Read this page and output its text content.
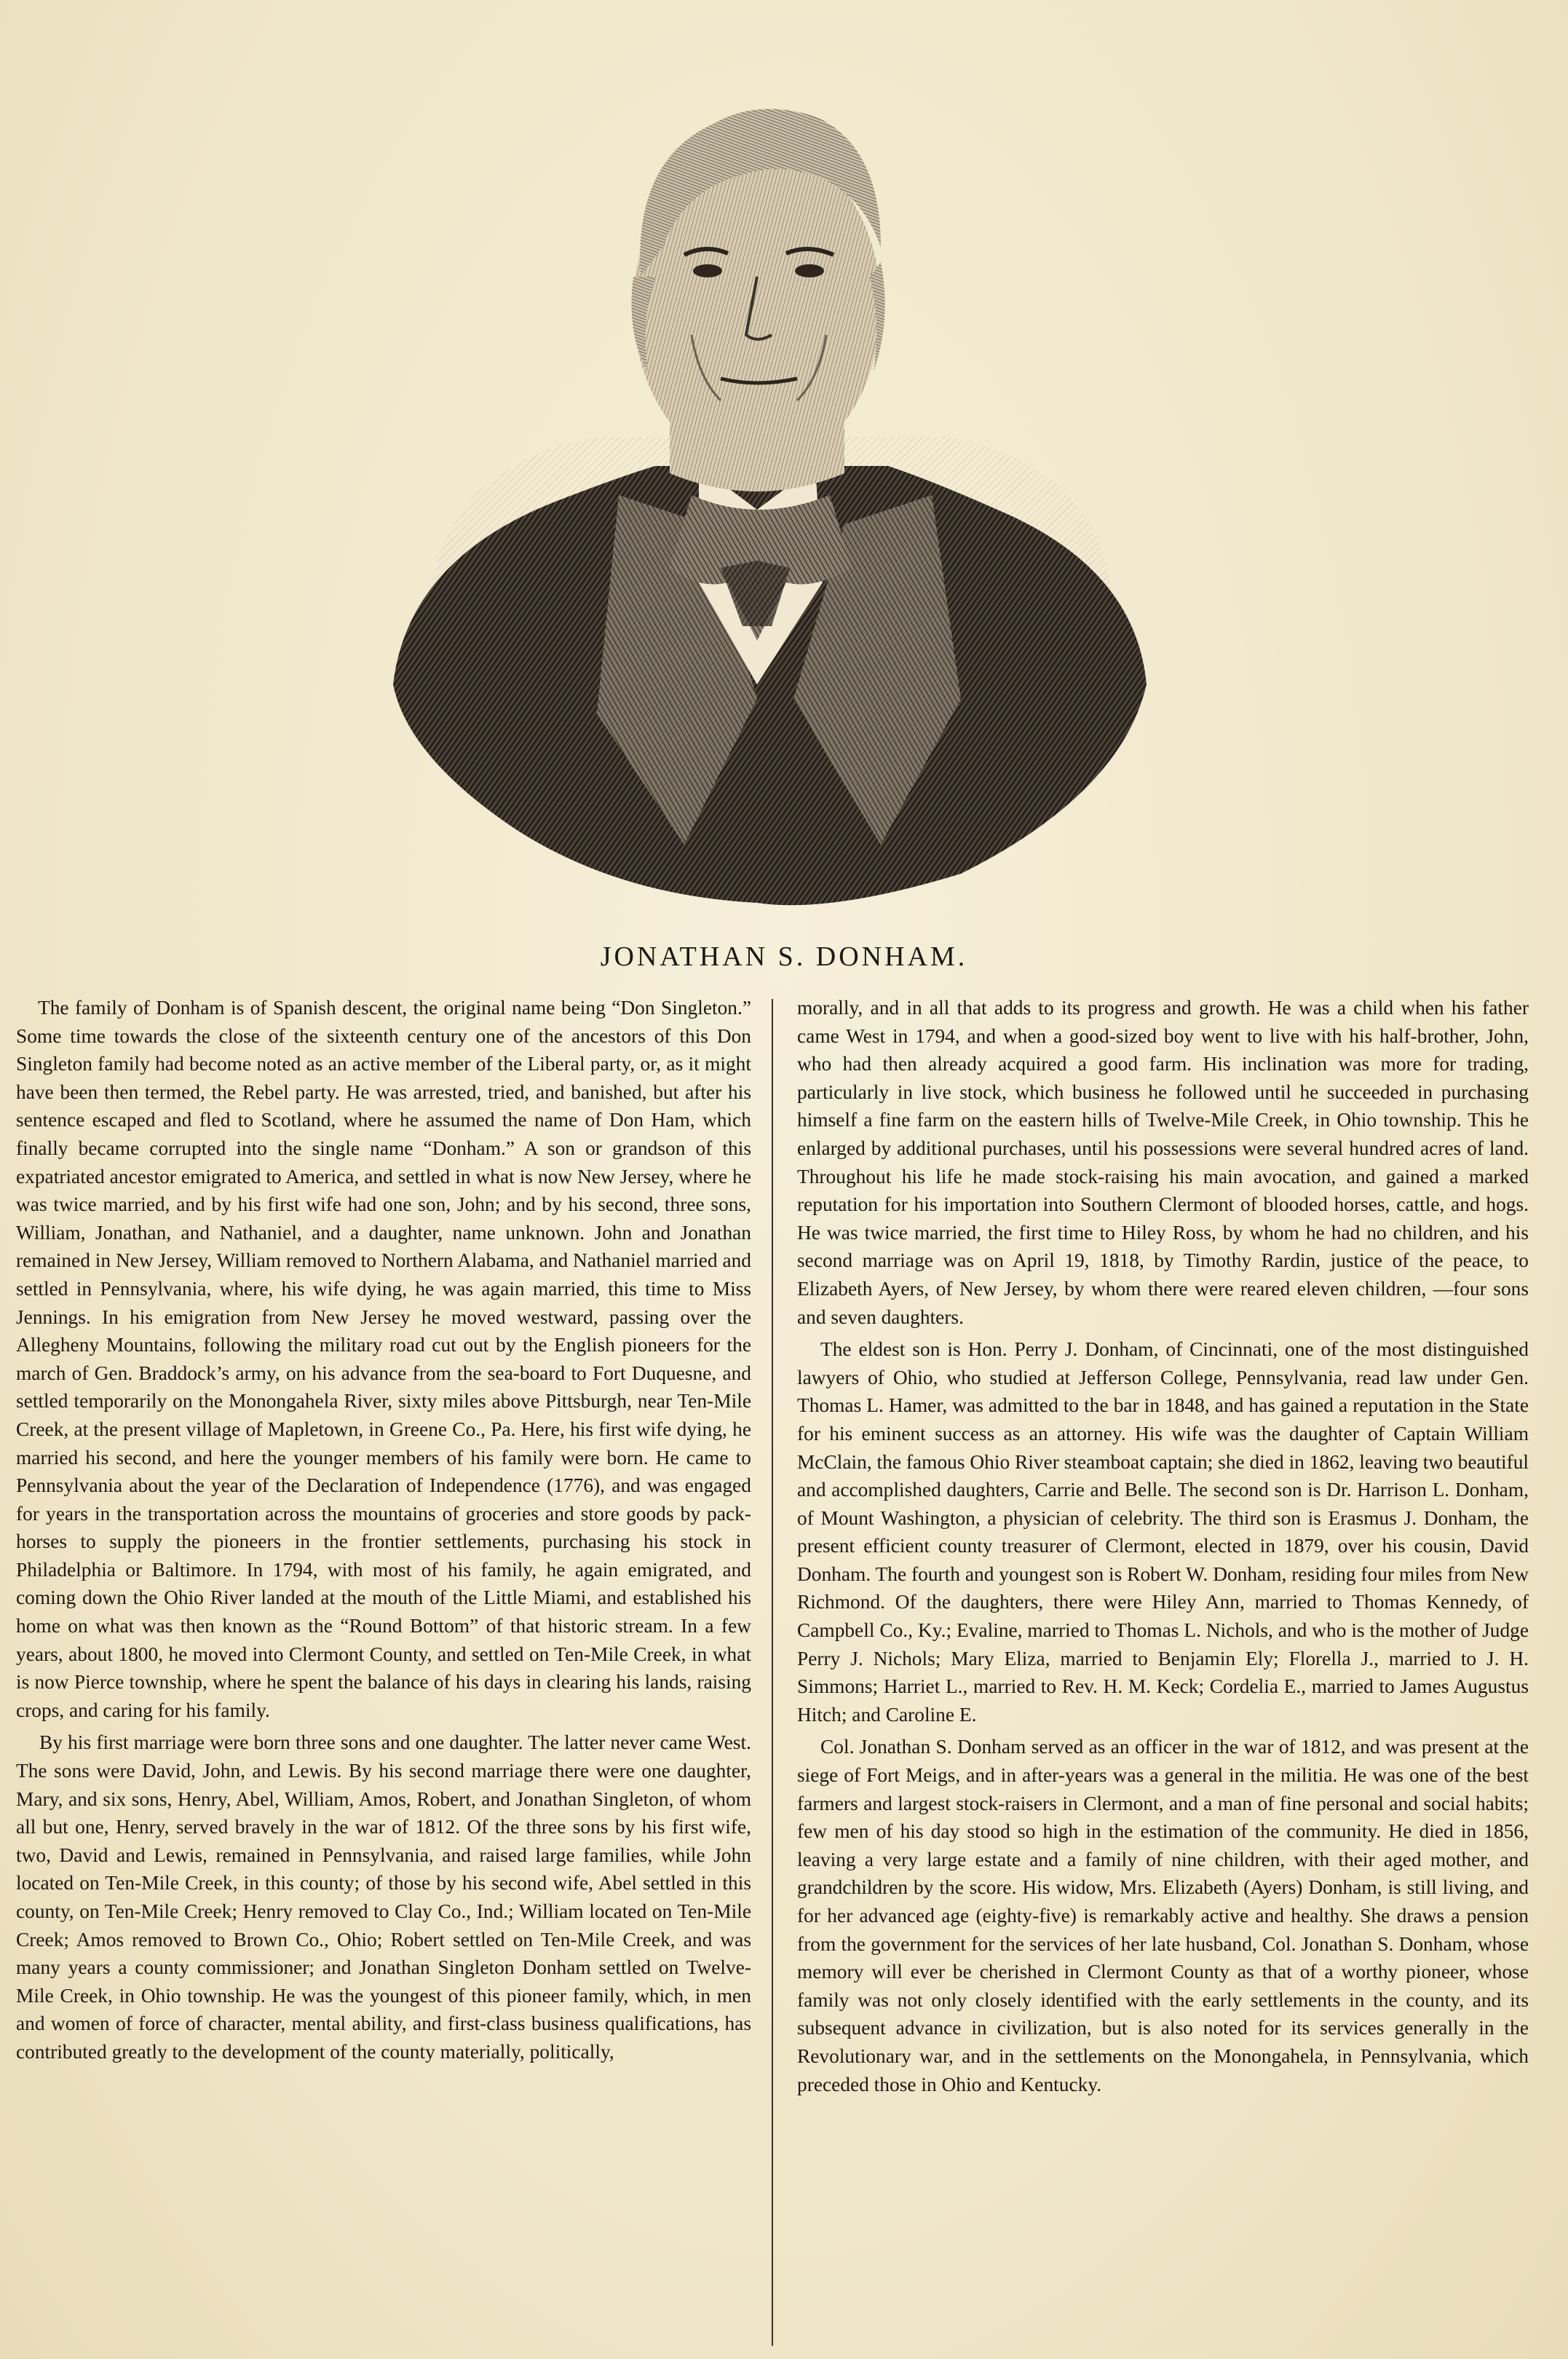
JONATHAN S. DONHAM.

The family of Donham is of Spanish descent, the original name being “Don Singleton.” Some time towards the close of the sixteenth century one of the ancestors of this Don Singleton family had become noted as an active member of the Liberal party, or, as it might have been then termed, the Rebel party. He was arrested, tried, and banished, but after his sentence escaped and fled to Scotland, where he assumed the name of Don Ham, which finally became corrupted into the single name “Donham.” A son or grandson of this expatriated ancestor emigrated to America, and settled in what is now New Jersey, where he was twice married, and by his first wife had one son, John; and by his second, three sons, William, Jonathan, and Nathaniel, and a daughter, name unknown. John and Jonathan remained in New Jersey, William removed to Northern Alabama, and Nathaniel married and settled in Pennsylvania, where, his wife dying, he was again married, this time to Miss Jennings. In his emigration from New Jersey he moved westward, passing over the Allegheny Mountains, following the military road cut out by the English pioneers for the march of Gen. Braddock’s army, on his advance from the sea-board to Fort Duquesne, and settled temporarily on the Monongahela River, sixty miles above Pittsburgh, near Ten-Mile Creek, at the present village of Mapletown, in Greene Co., Pa. Here, his first wife dying, he married his second, and here the younger members of his family were born. He came to Pennsylvania about the year of the Declaration of Independence (1776), and was engaged for years in the transportation across the mountains of groceries and store goods by pack-horses to supply the pioneers in the frontier settlements, purchasing his stock in Philadelphia or Baltimore. In 1794, with most of his family, he again emigrated, and coming down the Ohio River landed at the mouth of the Little Miami, and established his home on what was then known as the “Round Bottom” of that historic stream. In a few years, about 1800, he moved into Clermont County, and settled on Ten-Mile Creek, in what is now Pierce township, where he spent the balance of his days in clearing his lands, raising crops, and caring for his family.

By his first marriage were born three sons and one daughter. The latter never came West. The sons were David, John, and Lewis. By his second marriage there were one daughter, Mary, and six sons, Henry, Abel, William, Amos, Robert, and Jonathan Singleton, of whom all but one, Henry, served bravely in the war of 1812. Of the three sons by his first wife, two, David and Lewis, remained in Pennsylvania, and raised large families, while John located on Ten-Mile Creek, in this county; of those by his second wife, Abel settled in this county, on Ten-Mile Creek; Henry removed to Clay Co., Ind.; William located on Ten-Mile Creek; Amos removed to Brown Co., Ohio; Robert settled on Ten-Mile Creek, and was many years a county commissioner; and Jonathan Singleton Donham settled on Twelve-Mile Creek, in Ohio township. He was the youngest of this pioneer family, which, in men and women of force of character, mental ability, and first-class business qualifications, has contributed greatly to the development of the county materially, politically,

morally, and in all that adds to its progress and growth. He was a child when his father came West in 1794, and when a good-sized boy went to live with his half-brother, John, who had then already acquired a good farm. His inclination was more for trading, particularly in live stock, which business he followed until he succeeded in purchasing himself a fine farm on the eastern hills of Twelve-Mile Creek, in Ohio township. This he enlarged by additional purchases, until his possessions were several hundred acres of land. Throughout his life he made stock-raising his main avocation, and gained a marked reputation for his importation into Southern Clermont of blooded horses, cattle, and hogs. He was twice married, the first time to Hiley Ross, by whom he had no children, and his second marriage was on April 19, 1818, by Timothy Rardin, justice of the peace, to Elizabeth Ayers, of New Jersey, by whom there were reared eleven children, —four sons and seven daughters.

The eldest son is Hon. Perry J. Donham, of Cincinnati, one of the most distinguished lawyers of Ohio, who studied at Jefferson College, Pennsylvania, read law under Gen. Thomas L. Hamer, was admitted to the bar in 1848, and has gained a reputation in the State for his eminent success as an attorney. His wife was the daughter of Captain William McClain, the famous Ohio River steamboat captain; she died in 1862, leaving two beautiful and accomplished daughters, Carrie and Belle. The second son is Dr. Harrison L. Donham, of Mount Washington, a physician of celebrity. The third son is Erasmus J. Donham, the present efficient county treasurer of Clermont, elected in 1879, over his cousin, David Donham. The fourth and youngest son is Robert W. Donham, residing four miles from New Richmond. Of the daughters, there were Hiley Ann, married to Thomas Kennedy, of Campbell Co., Ky.; Evaline, married to Thomas L. Nichols, and who is the mother of Judge Perry J. Nichols; Mary Eliza, married to Benjamin Ely; Florella J., married to J. H. Simmons; Harriet L., married to Rev. H. M. Keck; Cordelia E., married to James Augustus Hitch; and Caroline E.

Col. Jonathan S. Donham served as an officer in the war of 1812, and was present at the siege of Fort Meigs, and in after-years was a general in the militia. He was one of the best farmers and largest stock-raisers in Clermont, and a man of fine personal and social habits; few men of his day stood so high in the estimation of the community. He died in 1856, leaving a very large estate and a family of nine children, with their aged mother, and grandchildren by the score. His widow, Mrs. Elizabeth (Ayers) Donham, is still living, and for her advanced age (eighty-five) is remarkably active and healthy. She draws a pension from the government for the services of her late husband, Col. Jonathan S. Donham, whose memory will ever be cherished in Clermont County as that of a worthy pioneer, whose family was not only closely identified with the early settlements in the county, and its subsequent advance in civilization, but is also noted for its services generally in the Revolutionary war, and in the settlements on the Monongahela, in Pennsylvania, which preceded those in Ohio and Kentucky.
